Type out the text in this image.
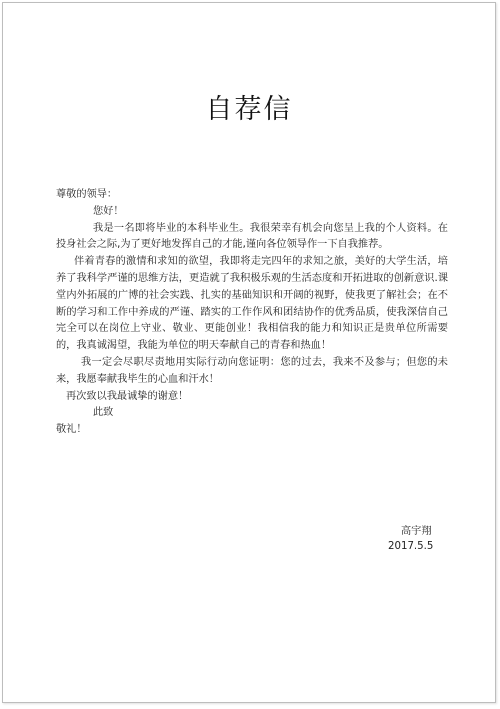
自荐信
尊敬的领导：
您好！
我是一名即将毕业的本科毕业生。我很荣幸有机会向您呈上我的个人资料。在投身社会之际,为了更好地发挥自己的才能,谨向各位领导作一下自我推荐。
伴着青春的激情和求知的欲望，我即将走完四年的求知之旅，美好的大学生活，培养了我科学严谨的思维方法，更造就了我积极乐观的生活态度和开拓进取的创新意识.课堂内外拓展的广博的社会实践、扎实的基础知识和开阔的视野，使我更了解社会；在不断的学习和工作中养成的严谨、踏实的工作作风和团结协作的优秀品质，使我深信自己完全可以在岗位上守业、敬业、更能创业！我相信我的能力和知识正是贵单位所需要的，我真诚渴望，我能为单位的明天奉献自己的青春和热血！
我一定会尽职尽责地用实际行动向您证明：您的过去，我来不及参与；但您的未来，我愿奉献我毕生的心血和汗水！
再次致以我最诚挚的谢意！
此致
敬礼！
高宇翔
2017.5.5
